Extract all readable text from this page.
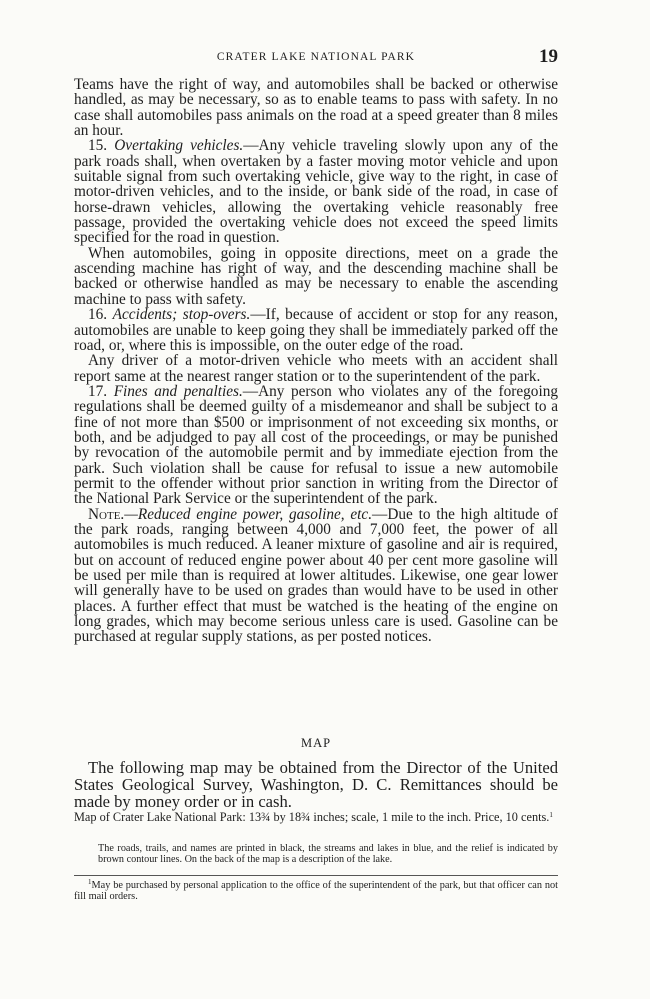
CRATER LAKE NATIONAL PARK	19

Teams have the right of way, and automobiles shall be backed or otherwise handled, as may be necessary, so as to enable teams to pass with safety. In no case shall automobiles pass animals on the road at a speed greater than 8 miles an hour.

15. Overtaking vehicles.—Any vehicle traveling slowly upon any of the park roads shall, when overtaken by a faster moving motor vehicle and upon suitable signal from such overtaking vehicle, give way to the right, in case of motor-driven vehicles, and to the inside, or bank side of the road, in case of horse-drawn vehicles, allowing the overtaking vehicle reasonably free passage, provided the overtaking vehicle does not exceed the speed limits specified for the road in question.

When automobiles, going in opposite directions, meet on a grade the ascending machine has right of way, and the descending machine shall be backed or otherwise handled as may be necessary to enable the ascending machine to pass with safety.

16. Accidents; stop-overs.—If, because of accident or stop for any reason, automobiles are unable to keep going they shall be immediately parked off the road, or, where this is impossible, on the outer edge of the road.

Any driver of a motor-driven vehicle who meets with an accident shall report same at the nearest ranger station or to the superintendent of the park.

17. Fines and penalties.—Any person who violates any of the foregoing regulations shall be deemed guilty of a misdemeanor and shall be subject to a fine of not more than $500 or imprisonment of not exceeding six months, or both, and be adjudged to pay all cost of the proceedings, or may be punished by revocation of the automobile permit and by immediate ejection from the park. Such violation shall be cause for refusal to issue a new automobile permit to the offender without prior sanction in writing from the Director of the National Park Service or the superintendent of the park.

Note.—Reduced engine power, gasoline, etc.—Due to the high altitude of the park roads, ranging between 4,000 and 7,000 feet, the power of all automobiles is much reduced. A leaner mixture of gasoline and air is required, but on account of reduced engine power about 40 per cent more gasoline will be used per mile than is required at lower altitudes. Likewise, one gear lower will generally have to be used on grades than would have to be used in other places. A further effect that must be watched is the heating of the engine on long grades, which may become serious unless care is used. Gasoline can be purchased at regular supply stations, as per posted notices.

MAP

The following map may be obtained from the Director of the United States Geological Survey, Washington, D. C. Remittances should be made by money order or in cash.

Map of Crater Lake National Park: 13¾ by 18¾ inches; scale, 1 mile to the inch. Price, 10 cents.$^1$
The roads, trails, and names are printed in black, the streams and lakes in blue, and the relief is indicated by brown contour lines. On the back of the map is a description of the lake.
$^1$May be purchased by personal application to the office of the superintendent of the park, but that officer can not fill mail orders.
